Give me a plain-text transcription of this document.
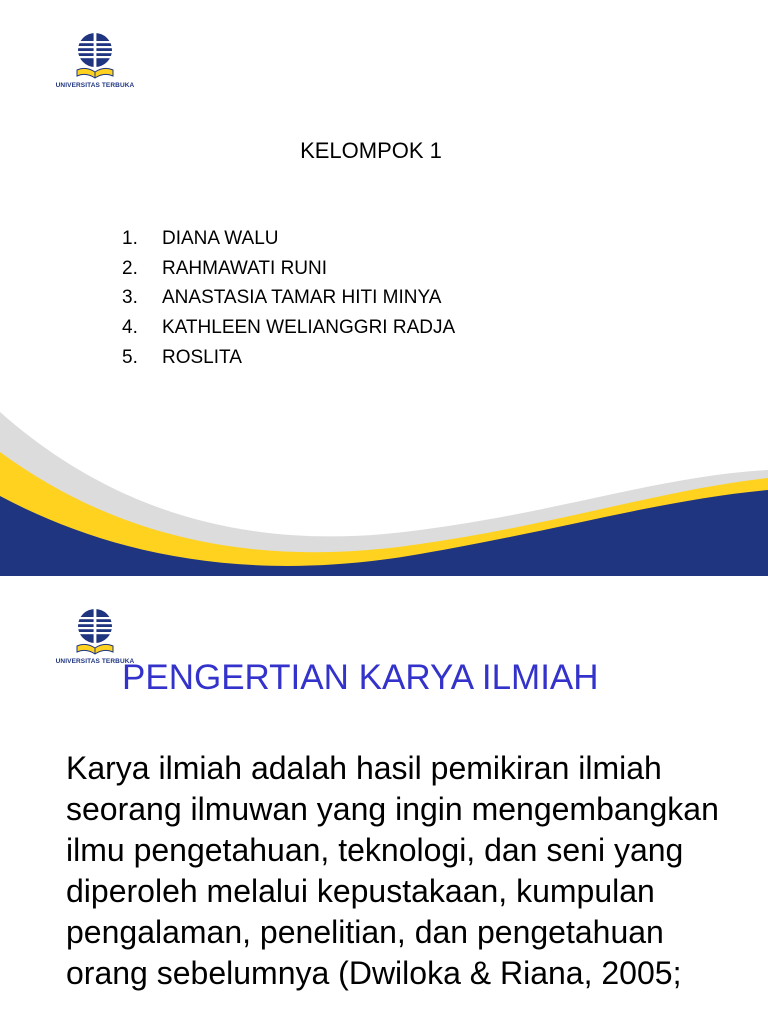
UNIVERSITAS TERBUKA
KELOMPOK 1
1. DIANA WALU
2. RAHMAWATI RUNI
3. ANASTASIA TAMAR HITI MINYA
4. KATHLEEN WELIANGGRI RADJA
5. ROSLITA
UNIVERSITAS TERBUKA
PENGERTIAN KARYA ILMIAH

Karya ilmiah adalah hasil pemikiran ilmiah seorang ilmuwan yang ingin mengembangkan ilmu pengetahuan, teknologi, dan seni yang diperoleh melalui kepustakaan, kumpulan pengalaman, penelitian, dan pengetahuan orang sebelumnya (Dwiloka & Riana, 2005;
